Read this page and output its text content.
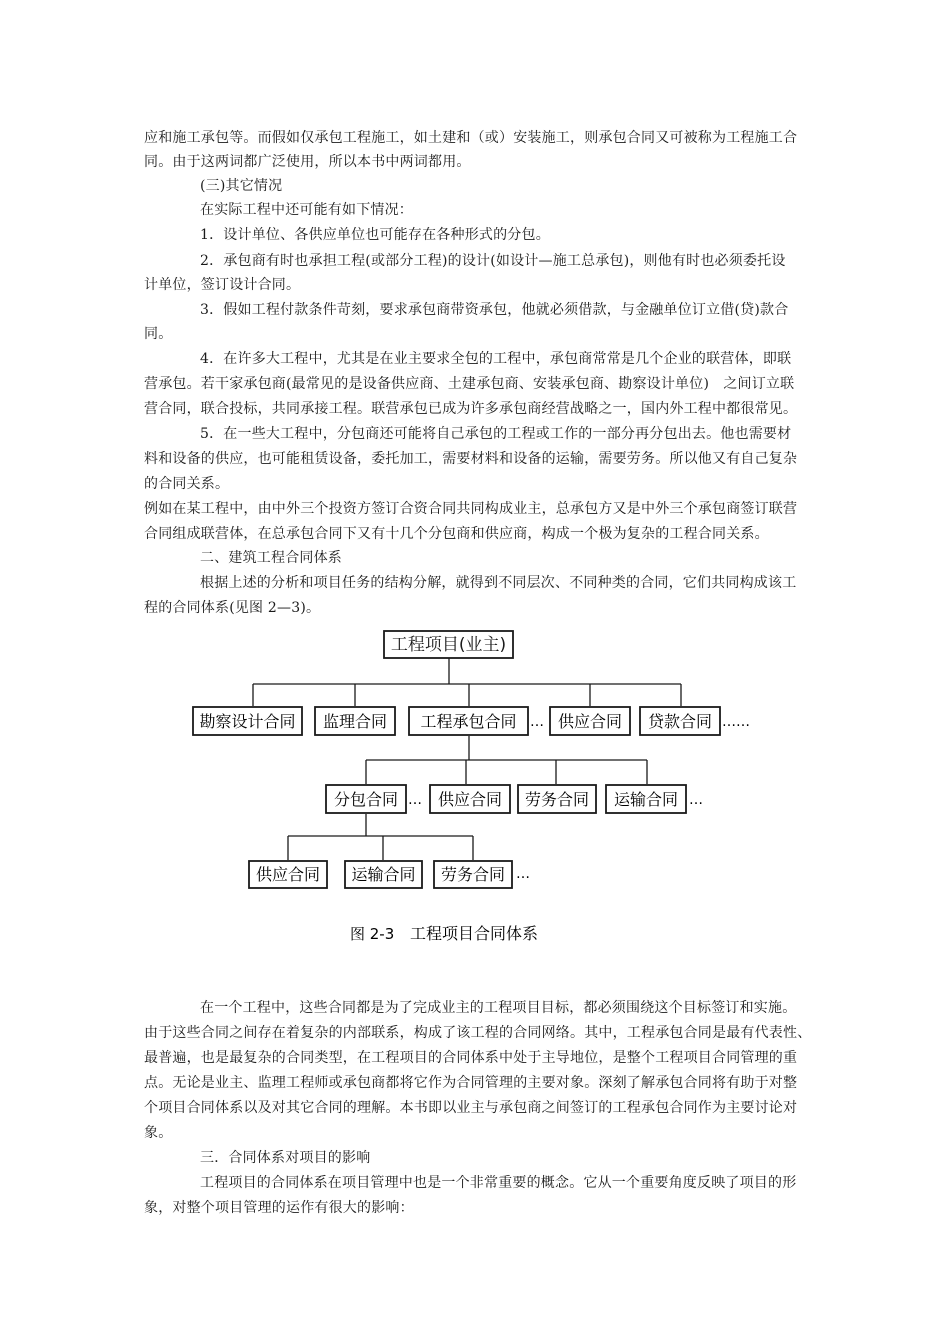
应和施工承包等。而假如仅承包工程施工，如土建和（或）安装施工，则承包合同又可被称为工程施工合
同。由于这两词都广泛使用，所以本书中两词都用。
(三)其它情况
在实际工程中还可能有如下情况：
1．设计单位、各供应单位也可能存在各种形式的分包。
2．承包商有时也承担工程(或部分工程)的设计(如设计—施工总承包)，则他有时也必须委托设
计单位，签订设计合同。
3．假如工程付款条件苛刻，要求承包商带资承包，他就必须借款，与金融单位订立借(贷)款合
同。
4．在许多大工程中，尤其是在业主要求全包的工程中，承包商常常是几个企业的联营体，即联
营承包。若干家承包商(最常见的是设备供应商、土建承包商、安装承包商、勘察设计单位)　之间订立联
营合同，联合投标，共同承接工程。联营承包已成为许多承包商经营战略之一，国内外工程中都很常见。
5．在一些大工程中，分包商还可能将自己承包的工程或工作的一部分再分包出去。他也需要材
料和设备的供应，也可能租赁设备，委托加工，需要材料和设备的运输，需要劳务。所以他又有自己复杂
的合同关系。
例如在某工程中，由中外三个投资方签订合资合同共同构成业主，总承包方又是中外三个承包商签订联营
合同组成联营体，在总承包合同下又有十几个分包商和供应商，构成一个极为复杂的工程合同关系。
二、建筑工程合同体系
根据上述的分析和项目任务的结构分解，就得到不同层次、不同种类的合同，它们共同构成该工
程的合同体系(见图 2—3)。
工程项目(业主)
勘察设计合同 监理合同 工程承包合同 … 供应合同 贷款合同 ……
分包合同 … 供应合同 劳务合同 运输合同 …
供应合同 运输合同 劳务合同 …
图 2-3 工程项目合同体系
在一个工程中，这些合同都是为了完成业主的工程项目目标，都必须围绕这个目标签订和实施。
由于这些合同之间存在着复杂的内部联系，构成了该工程的合同网络。其中，工程承包合同是最有代表性、
最普遍，也是最复杂的合同类型，在工程项目的合同体系中处于主导地位，是整个工程项目合同管理的重
点。无论是业主、监理工程师或承包商都将它作为合同管理的主要对象。深刻了解承包合同将有助于对整
个项目合同体系以及对其它合同的理解。本书即以业主与承包商之间签订的工程承包合同作为主要讨论对
象。
三．合同体系对项目的影响
工程项目的合同体系在项目管理中也是一个非常重要的概念。它从一个重要角度反映了项目的形
象，对整个项目管理的运作有很大的影响：
